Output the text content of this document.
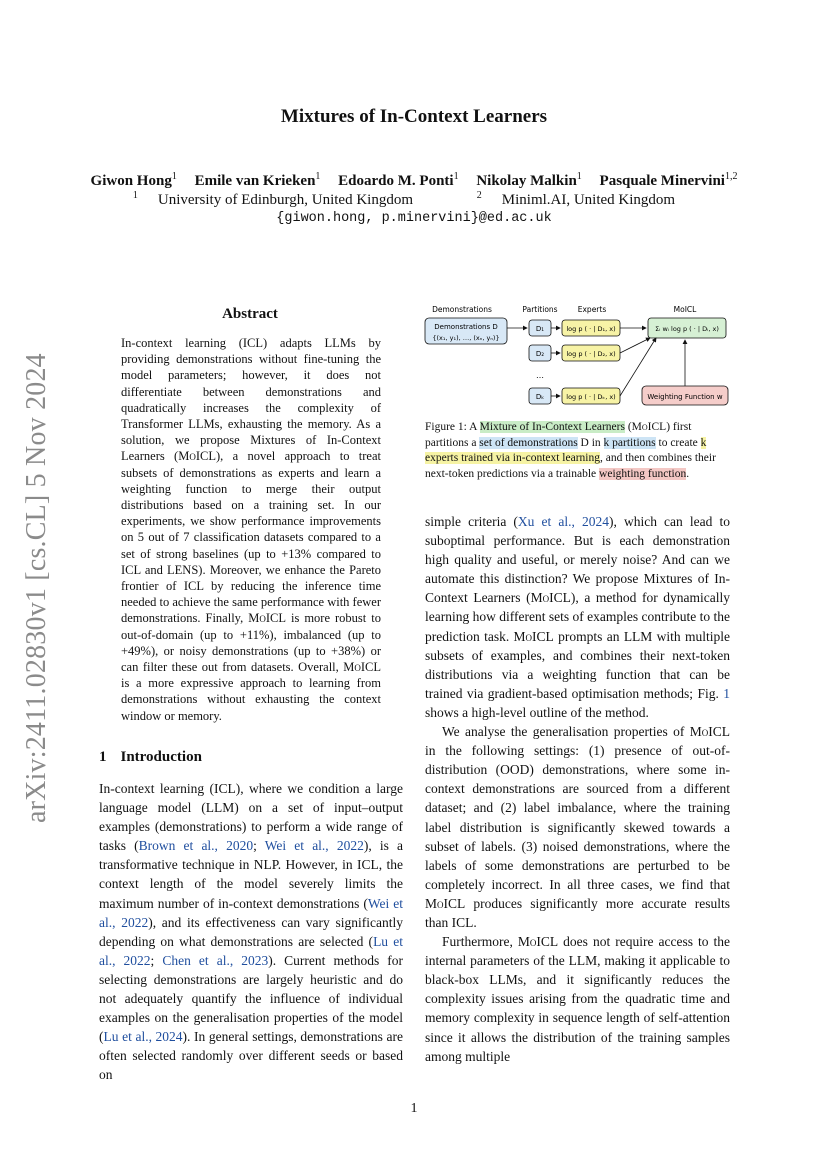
arXiv:2411.02830v1 [cs.CL] 5 Nov 2024
Mixtures of In-Context Learners
Giwon Hong$^1$ Emile van Krieken$^1$ Edoardo M. Ponti$^1$ Nikolay Malkin$^1$ Pasquale Minervini$^{1,2}$
$^1$ University of Edinburgh, United Kingdom	$^2$ Miniml.AI, United Kingdom
{giwon.hong, p.minervini}@ed.ac.uk
Abstract
In-context learning (ICL) adapts LLMs by providing demonstrations without fine-tuning the model parameters; however, it does not differentiate between demonstrations and quadratically increases the complexity of Transformer LLMs, exhausting the memory. As a solution, we propose Mixtures of In-Context Learners (MoICL), a novel approach to treat subsets of demonstrations as experts and learn a weighting function to merge their output distributions based on a training set. In our experiments, we show performance improvements on 5 out of 7 classification datasets compared to a set of strong baselines (up to +13% compared to ICL and LENS). Moreover, we enhance the Pareto frontier of ICL by reducing the inference time needed to achieve the same performance with fewer demonstrations. Finally, MoICL is more robust to out-of-domain (up to +11%), imbalanced (up to +49%), or noisy demonstrations (up to +38%) or can filter these out from datasets. Overall, MoICL is a more expressive approach to learning from demonstrations without exhausting the context window or memory.
1 Introduction

In-context learning (ICL), where we condition a large language model (LLM) on a set of input–output examples (demonstrations) to perform a wide range of tasks (Brown et al., 2020; Wei et al., 2022), is a transformative technique in NLP. However, in ICL, the context length of the model severely limits the maximum number of in-context demonstrations (Wei et al., 2022), and its effectiveness can vary significantly depending on what demonstrations are selected (Lu et al., 2022; Chen et al., 2023). Current methods for selecting demonstrations are largely heuristic and do not adequately quantify the influence of individual examples on the generalisation properties of the model (Lu et al., 2024). In general settings, demonstrations are often selected randomly over different seeds or based on

Demonstrations	Partitions	Experts	MoICL
Demonstrations D
{(x₁, y₁), …, (xₙ, yₙ)}
D₁
D₂
…
Dₖ
log p ( · | D₁, x)
log p ( · | D₂, x)
log p ( · | Dₖ, x)
Σᵢ wᵢ log p ( · | Dᵢ, x)
Weighting Function w
Figure 1: A Mixture of In-Context Learners (MoICL) first partitions a set of demonstrations D in k partitions to create k experts trained via in-context learning, and then combines their next-token predictions via a trainable weighting function.

simple criteria (Xu et al., 2024), which can lead to suboptimal performance. But is each demonstration high quality and useful, or merely noise? And can we automate this distinction? We propose Mixtures of In-Context Learners (MoICL), a method for dynamically learning how different sets of examples contribute to the prediction task. MoICL prompts an LLM with multiple subsets of examples, and combines their next-token distributions via a weighting function that can be trained via gradient-based optimisation methods; Fig. 1 shows a high-level outline of the method.

We analyse the generalisation properties of MoICL in the following settings: (1) presence of out-of-distribution (OOD) demonstrations, where some in-context demonstrations are sourced from a different dataset; and (2) label imbalance, where the training label distribution is significantly skewed towards a subset of labels. (3) noised demonstrations, where the labels of some demonstrations are perturbed to be completely incorrect. In all three cases, we find that MoICL produces significantly more accurate results than ICL.

Furthermore, MoICL does not require access to the internal parameters of the LLM, making it applicable to black-box LLMs, and it significantly reduces the complexity issues arising from the quadratic time and memory complexity in sequence length of self-attention since it allows the distribution of the training samples among multiple

1
